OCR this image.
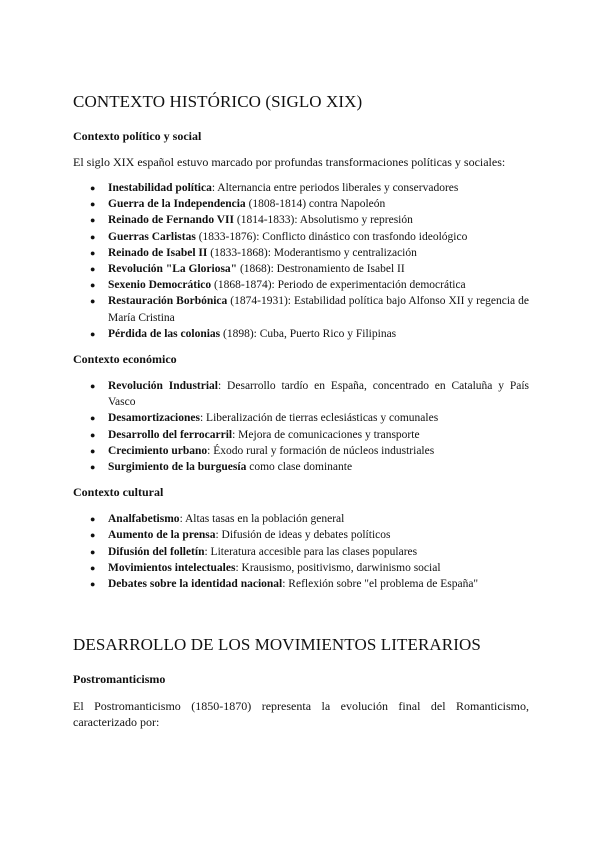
CONTEXTO HISTÓRICO (SIGLO XIX)
Contexto político y social

El siglo XIX español estuvo marcado por profundas transformaciones políticas y sociales:

● Inestabilidad política: Alternancia entre periodos liberales y conservadores
● Guerra de la Independencia (1808-1814) contra Napoleón
● Reinado de Fernando VII (1814-1833): Absolutismo y represión
● Guerras Carlistas (1833-1876): Conflicto dinástico con trasfondo ideológico
● Reinado de Isabel II (1833-1868): Moderantismo y centralización
● Revolución "La Gloriosa" (1868): Destronamiento de Isabel II
● Sexenio Democrático (1868-1874): Periodo de experimentación democrática
● Restauración Borbónica (1874-1931): Estabilidad política bajo Alfonso XII y regencia de María Cristina
● Pérdida de las colonias (1898): Cuba, Puerto Rico y Filipinas
Contexto económico
● Revolución Industrial: Desarrollo tardío en España, concentrado en Cataluña y País Vasco
● Desamortizaciones: Liberalización de tierras eclesiásticas y comunales
● Desarrollo del ferrocarril: Mejora de comunicaciones y transporte
● Crecimiento urbano: Éxodo rural y formación de núcleos industriales
● Surgimiento de la burguesía como clase dominante
Contexto cultural
● Analfabetismo: Altas tasas en la población general
● Aumento de la prensa: Difusión de ideas y debates políticos
● Difusión del folletín: Literatura accesible para las clases populares
● Movimientos intelectuales: Krausismo, positivismo, darwinismo social
● Debates sobre la identidad nacional: Reflexión sobre "el problema de España"
DESARROLLO DE LOS MOVIMIENTOS LITERARIOS
Postromanticismo

El Postromanticismo (1850-1870) representa la evolución final del Romanticismo, caracterizado por:
